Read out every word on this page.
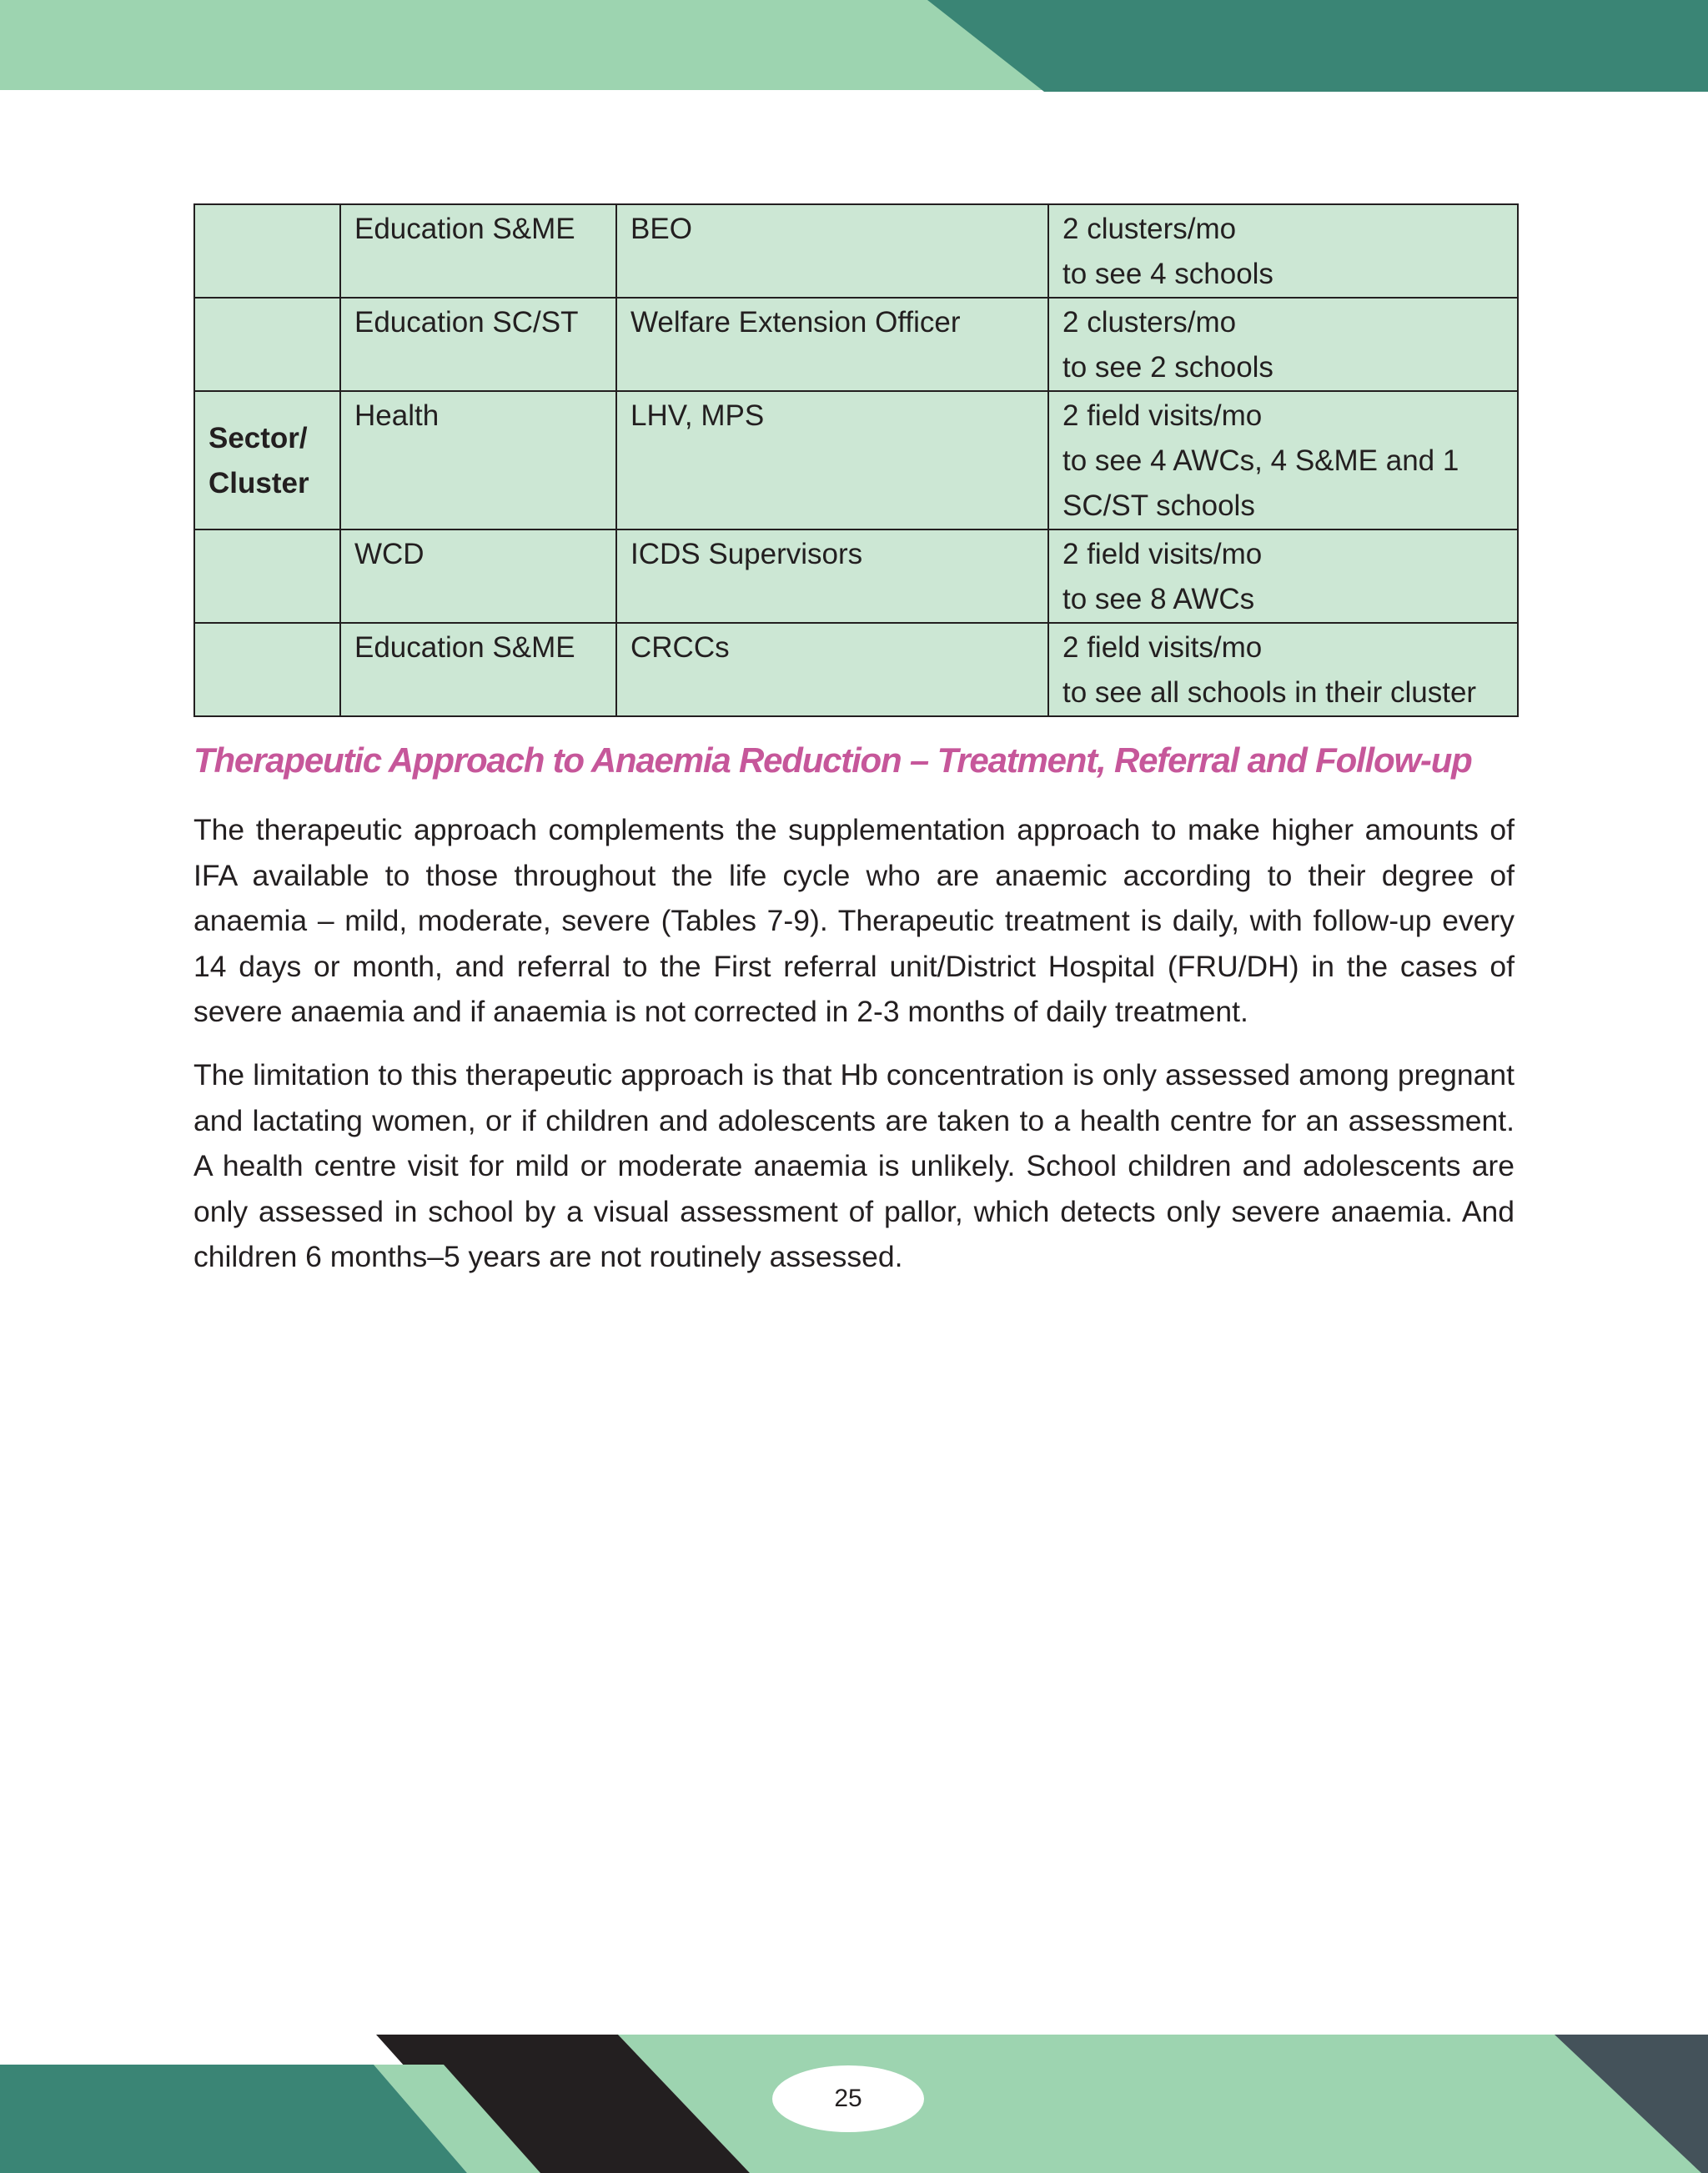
	Education S&ME	BEO	2 clusters/mo
to see 4 schools

	Education SC/ST	Welfare Extension Officer	2 clusters/mo
to see 2 schools

Sector/
Cluster	Health	LHV, MPS	2 field visits/mo
to see 4 AWCs, 4 S&ME and 1
SC/ST schools

	WCD	ICDS Supervisors	2 field visits/mo
to see 8 AWCs

	Education S&ME	CRCCs	2 field visits/mo
to see all schools in their cluster
Therapeutic Approach to Anaemia Reduction – Treatment, Referral and Follow-up

The therapeutic approach complements the supplementation approach to make higher amounts of IFA available to those throughout the life cycle who are anaemic according to their degree of anaemia – mild, moderate, severe (Tables 7-9). Therapeutic treatment is daily, with follow-up every 14 days or month, and referral to the First referral unit/District Hospital (FRU/DH) in the cases of severe anaemia and if anaemia is not corrected in 2-3 months of daily treatment.

The limitation to this therapeutic approach is that Hb concentration is only assessed among pregnant and lactating women, or if children and adolescents are taken to a health centre for an assessment. A health centre visit for mild or moderate anaemia is unlikely. School children and adolescents are only assessed in school by a visual assessment of pallor, which detects only severe anaemia. And children 6 months–5 years are not routinely assessed.

25
